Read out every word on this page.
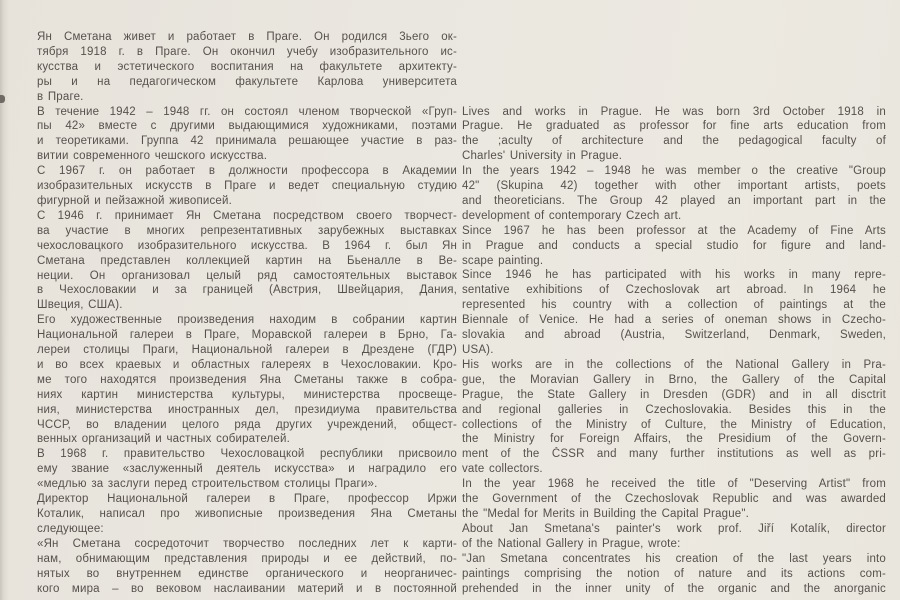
Ян Сметана живет и работает в Праге. Он родился 3ьего ок-
тября 1918 г. в Праге. Он окончил учебу изобразительного ис-
кусства и эстетического воспитания на факультете архитекту-
ры и на педагогическом факультете Карлова университета
в Праге.
В течение 1942 – 1948 гг. он состоял членом творческой «Груп-
пы 42» вместе с другими выдающимися художниками, поэтами
и теоретиками. Группа 42 принимала решающее участие в раз-
витии современного чешского искусства.
С 1967 г. он работает в должности профессора в Академии
изобразительных искусств в Праге и ведет специальную студию
фигурной и пейзажной живописей.
С 1946 г. принимает Ян Сметана посредством своего творчест-
ва участие в многих репрезентативных зарубежных выставках
чехословацкого изобразительного искусства. В 1964 г. был Ян
Сметана представлен коллекцией картин на Бьеналле в Ве-
неции. Он организовал целый ряд самостоятельных выставок
в Чехословакии и за границей (Австрия, Швейцария, Дания,
Швеция, США).
Его художественные произведения находим в собрании картин
Национальной галереи в Праге, Моравской галереи в Брно, Га-
лереи столицы Праги, Национальной галереи в Дрездене (ГДР)
и во всех краевых и областных галереях в Чехословакии. Кро-
ме того находятся произведения Яна Сметаны также в собра-
ниях картин министерства культуры, министерства просвеще-
ния, министерства иностранных дел, президиума правительства
ЧССР, во владении целого ряда других учреждений, общест-
венных организаций и частных собирателей.
В 1968 г. правительство Чехословацкой республики присвоило
ему звание «заслуженный деятель искусства» и наградило его
«медлью за заслуги перед строительством столицы Праги».
Директор Национальной галереи в Праге, профессор Иржи
Коталик, написал про живописные произведения Яна Сметаны
следующее:
«Ян Сметана сосредоточит творчество последних лет к карти-
нам, обнимающим представления природы и ее действий, по-
нятых во внутреннем единстве органического и неорганичес-
кого мира – во вековом наслаивании материй и в постоянной
Lives and works in Prague. He was born 3rd October 1918 in
Prague. He graduated as professor for fine arts education from
the ;aculty of architecture and the pedagogical faculty of
Charles' University in Prague.
In the years 1942 – 1948 he was member o the creative "Group
42" (Skupina 42) together with other important artists, poets
and theoreticians. The Group 42 played an important part in the
development of contemporary Czech art.
Since 1967 he has been professor at the Academy of Fine Arts
in Prague and conducts a special studio for figure and land-
scape painting.
Since 1946 he has participated with his works in many repre-
sentative exhibitions of Czechoslovak art abroad. In 1964 he
represented his country with a collection of paintings at the
Biennale of Venice. He had a series of oneman shows in Czecho-
slovakia and abroad (Austria, Switzerland, Denmark, Sweden,
USA).
His works are in the collections of the National Gallery in Pra-
gue, the Moravian Gallery in Brno, the Gallery of the Capital
Prague, the State Gallery in Dresden (GDR) and in all disctrit
and regional galleries in Czechoslovakia. Besides this in the
collections of the Ministry of Culture, the Ministry of Education,
the Ministry for Foreign Affairs, the Presidium of the Govern-
ment of the ČSSR and many further institutions as well as pri-
vate collectors.
In the year 1968 he received the title of "Deserving Artist" from
the Government of the Czechoslovak Republic and was awarded
the "Medal for Merits in Building the Capital Prague".
About Jan Smetana's painter's work prof. Jiří Kotalík, director
of the National Gallery in Prague, wrote:
"Jan Smetana concentrates his creation of the last years into
paintings comprising the notion of nature and its actions com-
prehended in the inner unity of the organic and the anorganic
